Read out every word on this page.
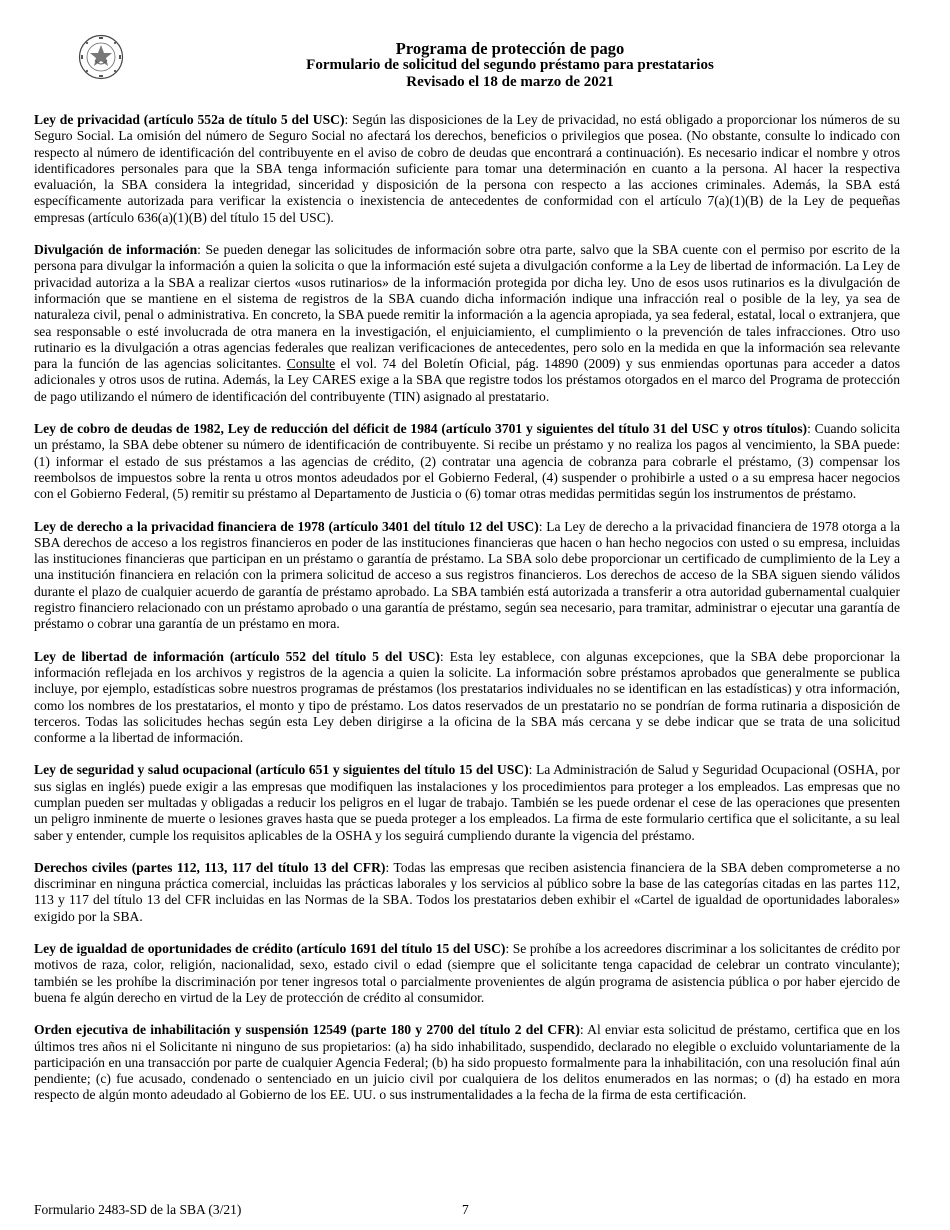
Programa de protección de pago
Formulario de solicitud del segundo préstamo para prestatarios
Revisado el 18 de marzo de 2021

Ley de privacidad (artículo 552a de título 5 del USC): Según las disposiciones de la Ley de privacidad, no está obligado a proporcionar los números de su Seguro Social. La omisión del número de Seguro Social no afectará los derechos, beneficios o privilegios que posea. (No obstante, consulte lo indicado con respecto al número de identificación del contribuyente en el aviso de cobro de deudas que encontrará a continuación). Es necesario indicar el nombre y otros identificadores personales para que la SBA tenga información suficiente para tomar una determinación en cuanto a la persona. Al hacer la respectiva evaluación, la SBA considera la integridad, sinceridad y disposición de la persona con respecto a las acciones criminales. Además, la SBA está específicamente autorizada para verificar la existencia o inexistencia de antecedentes de conformidad con el artículo 7(a)(1)(B) de la Ley de pequeñas empresas (artículo 636(a)(1)(B) del título 15 del USC).

Divulgación de información: Se pueden denegar las solicitudes de información sobre otra parte, salvo que la SBA cuente con el permiso por escrito de la persona para divulgar la información a quien la solicita o que la información esté sujeta a divulgación conforme a la Ley de libertad de información. La Ley de privacidad autoriza a la SBA a realizar ciertos «usos rutinarios» de la información protegida por dicha ley. Uno de esos usos rutinarios es la divulgación de información que se mantiene en el sistema de registros de la SBA cuando dicha información indique una infracción real o posible de la ley, ya sea de naturaleza civil, penal o administrativa. En concreto, la SBA puede remitir la información a la agencia apropiada, ya sea federal, estatal, local o extranjera, que sea responsable o esté involucrada de otra manera en la investigación, el enjuiciamiento, el cumplimiento o la prevención de tales infracciones. Otro uso rutinario es la divulgación a otras agencias federales que realizan verificaciones de antecedentes, pero solo en la medida en que la información sea relevante para la función de las agencias solicitantes. Consulte el vol. 74 del Boletín Oficial, pág. 14890 (2009) y sus enmiendas oportunas para acceder a datos adicionales y otros usos de rutina. Además, la Ley CARES exige a la SBA que registre todos los préstamos otorgados en el marco del Programa de protección de pago utilizando el número de identificación del contribuyente (TIN) asignado al prestatario.

Ley de cobro de deudas de 1982, Ley de reducción del déficit de 1984 (artículo 3701 y siguientes del título 31 del USC y otros títulos): Cuando solicita un préstamo, la SBA debe obtener su número de identificación de contribuyente. Si recibe un préstamo y no realiza los pagos al vencimiento, la SBA puede: (1) informar el estado de sus préstamos a las agencias de crédito, (2) contratar una agencia de cobranza para cobrarle el préstamo, (3) compensar los reembolsos de impuestos sobre la renta u otros montos adeudados por el Gobierno Federal, (4) suspender o prohibirle a usted o a su empresa hacer negocios con el Gobierno Federal, (5) remitir su préstamo al Departamento de Justicia o (6) tomar otras medidas permitidas según los instrumentos de préstamo.

Ley de derecho a la privacidad financiera de 1978 (artículo 3401 del título 12 del USC): La Ley de derecho a la privacidad financiera de 1978 otorga a la SBA derechos de acceso a los registros financieros en poder de las instituciones financieras que hacen o han hecho negocios con usted o su empresa, incluidas las instituciones financieras que participan en un préstamo o garantía de préstamo. La SBA solo debe proporcionar un certificado de cumplimiento de la Ley a una institución financiera en relación con la primera solicitud de acceso a sus registros financieros. Los derechos de acceso de la SBA siguen siendo válidos durante el plazo de cualquier acuerdo de garantía de préstamo aprobado. La SBA también está autorizada a transferir a otra autoridad gubernamental cualquier registro financiero relacionado con un préstamo aprobado o una garantía de préstamo, según sea necesario, para tramitar, administrar o ejecutar una garantía de préstamo o cobrar una garantía de un préstamo en mora.

Ley de libertad de información (artículo 552 del título 5 del USC): Esta ley establece, con algunas excepciones, que la SBA debe proporcionar la información reflejada en los archivos y registros de la agencia a quien la solicite. La información sobre préstamos aprobados que generalmente se publica incluye, por ejemplo, estadísticas sobre nuestros programas de préstamos (los prestatarios individuales no se identifican en las estadísticas) y otra información, como los nombres de los prestatarios, el monto y tipo de préstamo. Los datos reservados de un prestatario no se pondrían de forma rutinaria a disposición de terceros. Todas las solicitudes hechas según esta Ley deben dirigirse a la oficina de la SBA más cercana y se debe indicar que se trata de una solicitud conforme a la libertad de información.

Ley de seguridad y salud ocupacional (artículo 651 y siguientes del título 15 del USC): La Administración de Salud y Seguridad Ocupacional (OSHA, por sus siglas en inglés) puede exigir a las empresas que modifiquen las instalaciones y los procedimientos para proteger a los empleados. Las empresas que no cumplan pueden ser multadas y obligadas a reducir los peligros en el lugar de trabajo. También se les puede ordenar el cese de las operaciones que presenten un peligro inminente de muerte o lesiones graves hasta que se pueda proteger a los empleados. La firma de este formulario certifica que el solicitante, a su leal saber y entender, cumple los requisitos aplicables de la OSHA y los seguirá cumpliendo durante la vigencia del préstamo.

Derechos civiles (partes 112, 113, 117 del título 13 del CFR): Todas las empresas que reciben asistencia financiera de la SBA deben comprometerse a no discriminar en ninguna práctica comercial, incluidas las prácticas laborales y los servicios al público sobre la base de las categorías citadas en las partes 112, 113 y 117 del título 13 del CFR incluidas en las Normas de la SBA. Todos los prestatarios deben exhibir el «Cartel de igualdad de oportunidades laborales» exigido por la SBA.

Ley de igualdad de oportunidades de crédito (artículo 1691 del título 15 del USC): Se prohíbe a los acreedores discriminar a los solicitantes de crédito por motivos de raza, color, religión, nacionalidad, sexo, estado civil o edad (siempre que el solicitante tenga capacidad de celebrar un contrato vinculante); también se les prohíbe la discriminación por tener ingresos total o parcialmente provenientes de algún programa de asistencia pública o por haber ejercido de buena fe algún derecho en virtud de la Ley de protección de crédito al consumidor.

Orden ejecutiva de inhabilitación y suspensión 12549 (parte 180 y 2700 del título 2 del CFR): Al enviar esta solicitud de préstamo, certifica que en los últimos tres años ni el Solicitante ni ninguno de sus propietarios: (a) ha sido inhabilitado, suspendido, declarado no elegible o excluido voluntariamente de la participación en una transacción por parte de cualquier Agencia Federal; (b) ha sido propuesto formalmente para la inhabilitación, con una resolución final aún pendiente; (c) fue acusado, condenado o sentenciado en un juicio civil por cualquiera de los delitos enumerados en las normas; o (d) ha estado en mora respecto de algún monto adeudado al Gobierno de los EE. UU. o sus instrumentalidades a la fecha de la firma de esta certificación.

Formulario 2483-SD de la SBA (3/21)	7
